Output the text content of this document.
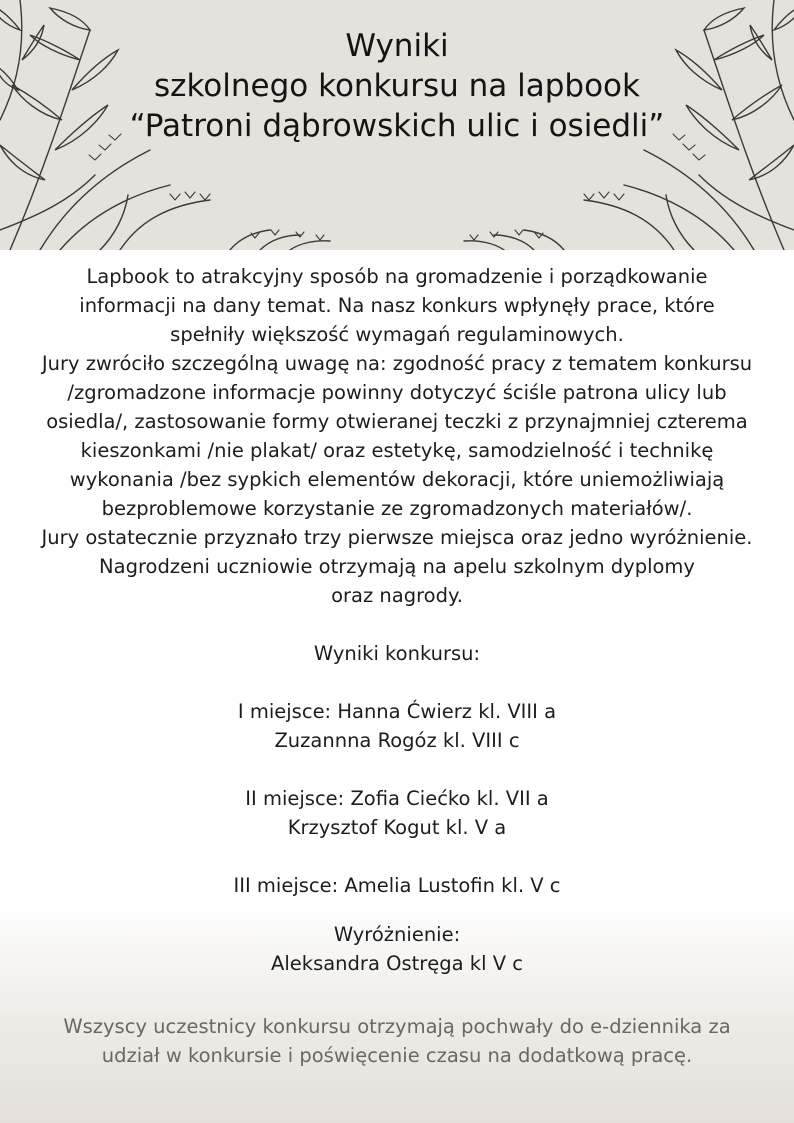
Wyniki
szkolnego konkursu na lapbook
“Patroni dąbrowskich ulic i osiedli”

Lapbook to atrakcyjny sposób na gromadzenie i porządkowanie

informacji na dany temat. Na nasz konkurs wpłynęły prace, które

spełniły większość wymagań regulaminowych.

Jury zwróciło szczególną uwagę na: zgodność pracy z tematem konkursu

/zgromadzone informacje powinny dotyczyć ściśle patrona ulicy lub

osiedla/, zastosowanie formy otwieranej teczki z przynajmniej czterema

kieszonkami /nie plakat/ oraz estetykę, samodzielność i technikę

wykonania /bez sypkich elementów dekoracji, które uniemożliwiają

bezproblemowe korzystanie ze zgromadzonych materiałów/.

Jury ostatecznie przyznało trzy pierwsze miejsca oraz jedno wyróżnienie.

Nagrodzeni uczniowie otrzymają na apelu szkolnym dyplomy

oraz nagrody.

Wyniki konkursu:

I miejsce: Hanna Ćwierz kl. VIII a

Zuzannna Rogóz kl. VIII c

II miejsce: Zofia Ciećko kl. VII a

Krzysztof Kogut kl. V a

III miejsce: Amelia Lustofin kl. V c

Wyróżnienie:

Aleksandra Ostręga kl V c

Wszyscy uczestnicy konkursu otrzymają pochwały do e-dziennika za

udział w konkursie i poświęcenie czasu na dodatkową pracę.
